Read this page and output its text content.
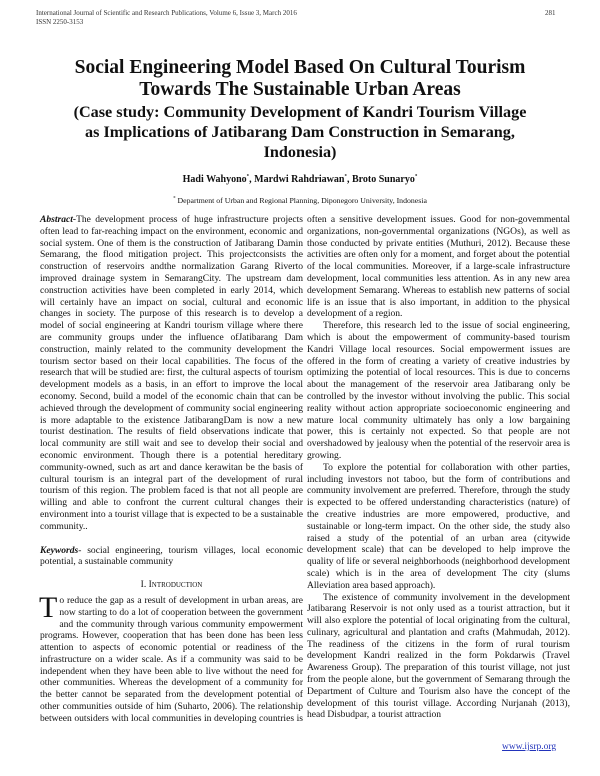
International Journal of Scientific and Research Publications, Volume 6, Issue 3, March 2016
ISSN 2250-3153
281
Social Engineering Model Based On Cultural Tourism
Towards The Sustainable Urban Areas
(Case study: Community Development of Kandri Tourism Village as Implications of Jatibarang Dam Construction in Semarang, Indonesia)
Hadi Wahyono*, Mardwi Rahdriawan*, Broto Sunaryo*
* Department of Urban and Regional Planning, Diponegoro University, Indonesia

Abstract-The development process of huge infrastructure projects often lead to far-reaching impact on the environment, economic and social system. One of them is the construction of Jatibarang Damin Semarang, the flood mitigation project. This projectconsists the construction of reservoirs andthe normalization Garang Riverto improved drainage system in SemarangCity. The upstream dam construction activities have been completed in early 2014, which will certainly have an impact on social, cultural and economic changes in society. The purpose of this research is to develop a model of social engineering at Kandri tourism village where there are community groups under the influence ofJatibarang Dam construction, mainly related to the community development the tourism sector based on their local capabilities. The focus of the research that will be studied are: first, the cultural aspects of tourism development models as a basis, in an effort to improve the local economy. Second, build a model of the economic chain that can be achieved through the development of community social engineering is more adaptable to the existence JatibarangDam is now a new tourist destination. The results of field observations indicate that local community are still wait and see to develop their social and economic environment. Though there is a potential hereditary community-owned, such as art and dance kerawitan be the basis of cultural tourism is an integral part of the development of rural tourism of this region. The problem faced is that not all people are willing and able to confront the current cultural changes their environment into a tourist village that is expected to be a sustainable community..

Keywords- social engineering, tourism villages, local economic potential, a sustainable community

I. Introduction

To reduce the gap as a result of development in urban areas, are now starting to do a lot of cooperation between the government and the community through various community empowerment programs. However, cooperation that has been done has been less attention to aspects of economic potential or readiness of the infrastructure on a wider scale. As if a community was said to be independent when they have been able to live without the need for other communities. Whereas the development of a community for the better cannot be separated from the development potential of other communities outside of him (Suharto, 2006). The relationship between outsiders with local communities in developing countries is often a sensitive development issues. Good for non-govemmental organizations, non-governmental organizations (NGOs), as well as those conducted by private entities (Muthuri, 2012). Because these activities are often only for a moment, and forget about the potential of the local communities. Moreover, if a large-scale infrastructure development, local communities less attention. As in any new area development Semarang. Whereas to establish new patterns of social life is an issue that is also important, in addition to the physical development of a region.

Therefore, this research led to the issue of social engineering, which is about the empowerment of community-based tourism Kandri Village local resources. Social empowerment issues are offered in the form of creating a variety of creative industries by optimizing the potential of local resources. This is due to concerns about the management of the reservoir area Jatibarang only be controlled by the investor without involving the public. This social reality without action appropriate socioeconomic engineering and mature local community ultimately has only a low bargaining power, this is certainly not expected. So that people are not overshadowed by jealousy when the potential of the reservoir area is growing.

To explore the potential for collaboration with other parties, including investors not taboo, but the form of contributions and community involvement are preferred. Therefore, through the study is expected to be offered understanding characteristics (nature) of the creative industries are more empowered, productive, and sustainable or long-term impact. On the other side, the study also raised a study of the potential of an urban area (citywide development scale) that can be developed to help improve the quality of life or several neighborhoods (neighborhood development scale) which is in the area of development The city (slums Alleviation area based approach).

The existence of community involvement in the development Jatibarang Reservoir is not only used as a tourist attraction, but it will also explore the potential of local originating from the cultural, culinary, agricultural and plantation and crafts (Mahmudah, 2012). The readiness of the citizens in the form of rural tourism development Kandri realized in the form Pokdarwis (Travel Awareness Group). The preparation of this tourist village, not just from the people alone, but the government of Semarang through the Department of Culture and Tourism also have the concept of the development of this tourist village. According Nurjanah (2013), head Disbudpar, a tourist attraction

www.ijsrp.org
